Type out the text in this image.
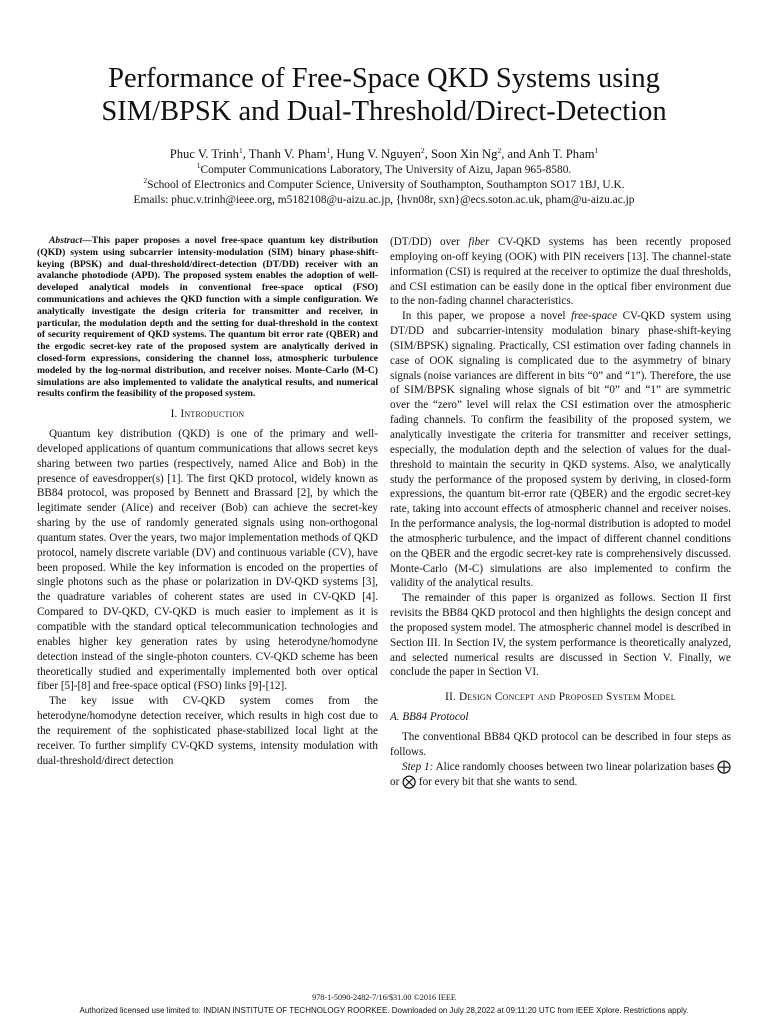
Performance of Free-Space QKD Systems using
SIM/BPSK and Dual-Threshold/Direct-Detection
Phuc V. Trinh$^1$, Thanh V. Pham$^1$, Hung V. Nguyen$^2$, Soon Xin Ng$^2$, and Anh T. Pham$^1$
$^1$Computer Communications Laboratory, The University of Aizu, Japan 965-8580.
$^2$School of Electronics and Computer Science, University of Southampton, Southampton SO17 1BJ, U.K.
Emails: phuc.v.trinh@ieee.org, m5182108@u-aizu.ac.jp, {hvn08r, sxn}@ecs.soton.ac.uk, pham@u-aizu.ac.jp

Abstract—This paper proposes a novel free-space quantum key distribution (QKD) system using subcarrier intensity-modulation (SIM) binary phase-shift-keying (BPSK) and dual-threshold/direct-detection (DT/DD) receiver with an avalanche photodiode (APD). The proposed system enables the adoption of well-developed analytical models in conventional free-space optical (FSO) communications and achieves the QKD function with a simple configuration. We analytically investigate the design criteria for transmitter and receiver, in particular, the modulation depth and the setting for dual-threshold in the context of security requirement of QKD systems. The quantum bit error rate (QBER) and the ergodic secret-key rate of the proposed system are analytically derived in closed-form expressions, considering the channel loss, atmospheric turbulence modeled by the log-normal distribution, and receiver noises. Monte-Carlo (M-C) simulations are also implemented to validate the analytical results, and numerical results confirm the feasibility of the proposed system.

I. Introduction

Quantum key distribution (QKD) is one of the primary and well-developed applications of quantum communications that allows secret keys sharing between two parties (respectively, named Alice and Bob) in the presence of eavesdropper(s) [1]. The first QKD protocol, widely known as BB84 protocol, was proposed by Bennett and Brassard [2], by which the legitimate sender (Alice) and receiver (Bob) can achieve the secret-key sharing by the use of randomly generated signals using non-orthogonal quantum states. Over the years, two major implementation methods of QKD protocol, namely discrete variable (DV) and continuous variable (CV), have been proposed. While the key information is encoded on the properties of single photons such as the phase or polarization in DV-QKD systems [3], the quadrature variables of coherent states are used in CV-QKD [4]. Compared to DV-QKD, CV-QKD is much easier to implement as it is compatible with the standard optical telecommunication technologies and enables higher key generation rates by using heterodyne/homodyne detection instead of the single-photon counters. CV-QKD scheme has been theoretically studied and experimentally implemented both over optical fiber [5]-[8] and free-space optical (FSO) links [9]-[12].

The key issue with CV-QKD system comes from the heterodyne/homodyne detection receiver, which results in high cost due to the requirement of the sophisticated phase-stabilized local light at the receiver. To further simplify CV-QKD systems, intensity modulation with dual-threshold/direct detection

(DT/DD) over fiber CV-QKD systems has been recently proposed employing on-off keying (OOK) with PIN receivers [13]. The channel-state information (CSI) is required at the receiver to optimize the dual thresholds, and CSI estimation can be easily done in the optical fiber environment due to the non-fading channel characteristics.

In this paper, we propose a novel free-space CV-QKD system using DT/DD and subcarrier-intensity modulation binary phase-shift-keying (SIM/BPSK) signaling. Practically, CSI estimation over fading channels in case of OOK signaling is complicated due to the asymmetry of binary signals (noise variances are different in bits “0” and “1”). Therefore, the use of SIM/BPSK signaling whose signals of bit “0” and “1” are symmetric over the “zero” level will relax the CSI estimation over the atmospheric fading channels. To confirm the feasibility of the proposed system, we analytically investigate the criteria for transmitter and receiver settings, especially, the modulation depth and the selection of values for the dual-threshold to maintain the security in QKD systems. Also, we analytically study the performance of the proposed system by deriving, in closed-form expressions, the quantum bit-error rate (QBER) and the ergodic secret-key rate, taking into account effects of atmospheric channel and receiver noises. In the performance analysis, the log-normal distribution is adopted to model the atmospheric turbulence, and the impact of different channel conditions on the QBER and the ergodic secret-key rate is comprehensively discussed. Monte-Carlo (M-C) simulations are also implemented to confirm the validity of the analytical results.

The remainder of this paper is organized as follows. Section II first revisits the BB84 QKD protocol and then highlights the design concept and the proposed system model. The atmospheric channel model is described in Section III. In Section IV, the system performance is theoretically analyzed, and selected numerical results are discussed in Section V. Finally, we conclude the paper in Section VI.

II. Design Concept and Proposed System Model
A. BB84 Protocol

The conventional BB84 QKD protocol can be described in four steps as follows.

Step 1: Alice randomly chooses between two linear polarization bases ⨁ or ⨂ for every bit that she wants to send.

978-1-5090-2482-7/16/$31.00 ©2016 IEEE
Authorized licensed use limited to: INDIAN INSTITUTE OF TECHNOLOGY ROORKEE. Downloaded on July 28,2022 at 09:11:20 UTC from IEEE Xplore. Restrictions apply.
